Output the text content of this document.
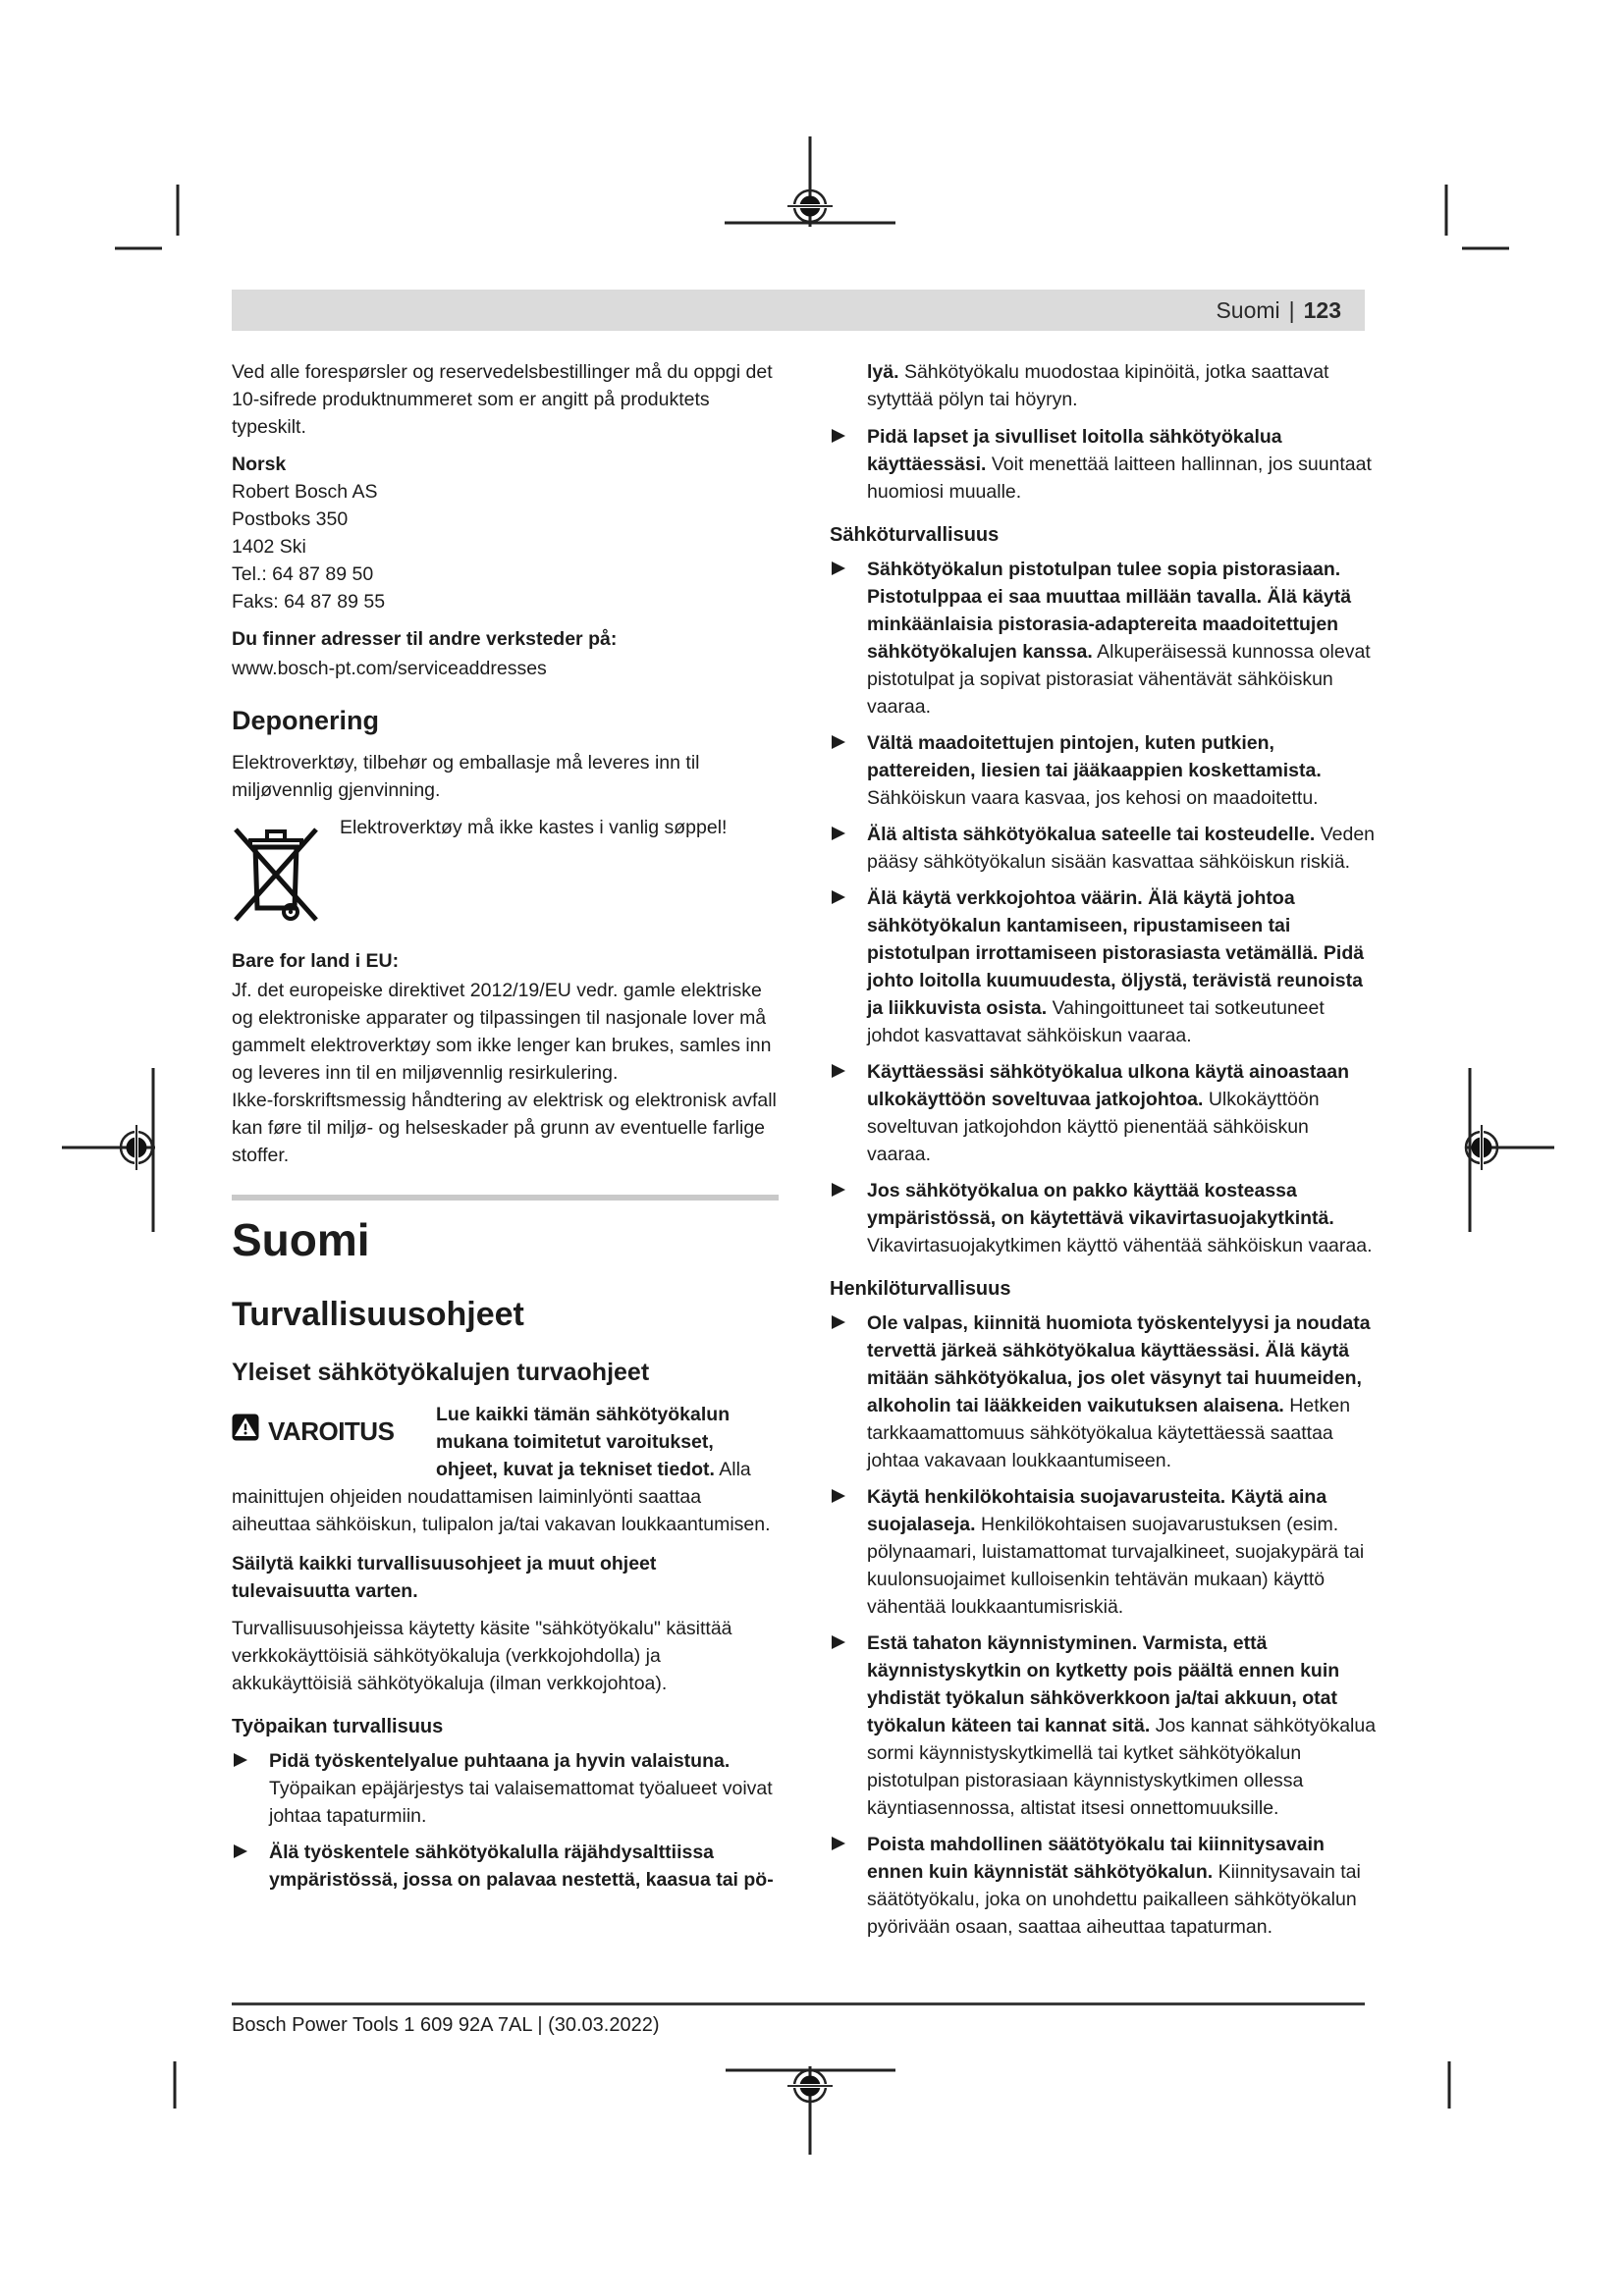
Suomi | 123

Ved alle forespørsler og reservedelsbestillinger må du oppgi det 10-sifrede produktnummeret som er angitt på produktets typeskilt.

Norsk
Robert Bosch AS
Postboks 350
1402 Ski
Tel.: 64 87 89 50
Faks: 64 87 89 55

Du finner adresser til andre verksteder på:

www.bosch-pt.com/serviceaddresses

Deponering

Elektroverktøy, tilbehør og emballasje må leveres inn til miljøvennlig gjenvinning.

Elektroverktøy må ikke kastes i vanlig søppel!

Bare for land i EU:

Jf. det europeiske direktivet 2012/19/EU vedr. gamle elektriske og elektroniske apparater og tilpassingen til nasjonale lover må gammelt elektroverktøy som ikke lenger kan brukes, samles inn og leveres inn til en miljøvennlig resirkulering.

Ikke-forskriftsmessig håndtering av elektrisk og elektronisk avfall kan føre til miljø- og helseskader på grunn av eventuelle farlige stoffer.

Suomi
Turvallisuusohjeet
Yleiset sähkötyökalujen turvaohjeet
VAROITUS
Lue kaikki tämän sähkötyökalun mukana toimitetut varoitukset, ohjeet, kuvat ja tekniset tiedot. Alla mainittujen ohjeiden noudattamisen laiminlyönti saattaa aiheuttaa sähköiskun, tulipalon ja/tai vakavan loukkaantumisen.

Säilytä kaikki turvallisuusohjeet ja muut ohjeet tulevaisuutta varten.

Turvallisuusohjeissa käytetty käsite "sähkötyökalu" käsittää verkkokäyttöisiä sähkötyökaluja (verkkojohdolla) ja akkukäyttöisiä sähkötyökaluja (ilman verkkojohtoa).

Työpaikan turvallisuus
Pidä työskentelyalue puhtaana ja hyvin valaistuna. Työpaikan epäjärjestys tai valaisemattomat työalueet voivat johtaa tapaturmiin.
Älä työskentele sähkötyökalulla räjähdysalttiissa ympäristössä, jossa on palavaa nestettä, kaasua tai pö-
lyä. Sähkötyökalu muodostaa kipinöitä, jotka saattavat sytyttää pölyn tai höyryn.
Pidä lapset ja sivulliset loitolla sähkötyökalua käyttäessäsi. Voit menettää laitteen hallinnan, jos suuntaat huomiosi muualle.
Sähköturvallisuus
Sähkötyökalun pistotulpan tulee sopia pistorasiaan. Pistotulppaa ei saa muuttaa millään tavalla. Älä käytä minkäänlaisia pistorasia-adaptereita maadoitettujen sähkötyökalujen kanssa. Alkuperäisessä kunnossa olevat pistotulpat ja sopivat pistorasiat vähentävät sähköiskun vaaraa.
Vältä maadoitettujen pintojen, kuten putkien, pattereiden, liesien tai jääkaappien koskettamista. Sähköiskun vaara kasvaa, jos kehosi on maadoitettu.
Älä altista sähkötyökalua sateelle tai kosteudelle. Veden pääsy sähkötyökalun sisään kasvattaa sähköiskun riskiä.
Älä käytä verkkojohtoa väärin. Älä käytä johtoa sähkötyökalun kantamiseen, ripustamiseen tai pistotulpan irrottamiseen pistorasiasta vetämällä. Pidä johto loitolla kuumuudesta, öljystä, terävistä reunoista ja liikkuvista osista. Vahingoittuneet tai sotkeutuneet johdot kasvattavat sähköiskun vaaraa.
Käyttäessäsi sähkötyökalua ulkona käytä ainoastaan ulkokäyttöön soveltuvaa jatkojohtoa. Ulkokäyttöön soveltuvan jatkojohdon käyttö pienentää sähköiskun vaaraa.
Jos sähkötyökalua on pakko käyttää kosteassa ympäristössä, on käytettävä vikavirtasuojakytkintä. Vikavirtasuojakytkimen käyttö vähentää sähköiskun vaaraa.
Henkilöturvallisuus
Ole valpas, kiinnitä huomiota työskentelyysi ja noudata tervettä järkeä sähkötyökalua käyttäessäsi. Älä käytä mitään sähkötyökalua, jos olet väsynyt tai huumeiden, alkoholin tai lääkkeiden vaikutuksen alaisena. Hetken tarkkaamattomuus sähkötyökalua käytettäessä saattaa johtaa vakavaan loukkaantumiseen.
Käytä henkilökohtaisia suojavarusteita. Käytä aina suojalaseja. Henkilökohtaisen suojavarustuksen (esim. pölynaamari, luistamattomat turvajalkineet, suojakypärä tai kuulonsuojaimet kulloisenkin tehtävän mukaan) käyttö vähentää loukkaantumisriskiä.
Estä tahaton käynnistyminen. Varmista, että käynnistyskytkin on kytketty pois päältä ennen kuin yhdistät työkalun sähköverkkoon ja/tai akkuun, otat työkalun käteen tai kannat sitä. Jos kannat sähkötyökalua sormi käynnistyskytkimellä tai kytket sähkötyökalun pistotulpan pistorasiaan käynnistyskytkimen ollessa käyntiasennossa, altistat itsesi onnettomuuksille.
Poista mahdollinen säätötyökalu tai kiinnitysavain ennen kuin käynnistät sähkötyökalun. Kiinnitysavain tai säätötyökalu, joka on unohdettu paikalleen sähkötyökalun pyörivään osaan, saattaa aiheuttaa tapaturman.
Bosch Power Tools 1 609 92A 7AL | (30.03.2022)
